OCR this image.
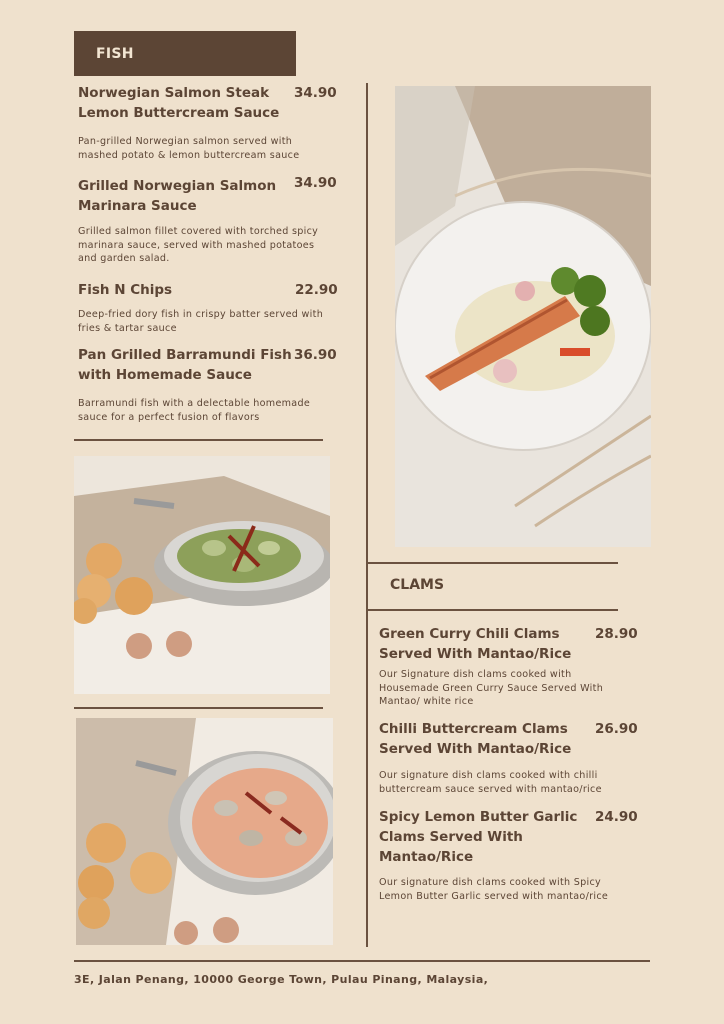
FISH
Norwegian Salmon Steak
Lemon Buttercream Sauce
34.90
Pan-grilled Norwegian salmon served with
mashed potato & lemon buttercream sauce
Grilled Norwegian Salmon
Marinara Sauce
34.90
Grilled salmon fillet covered with torched spicy
marinara sauce, served with mashed potatoes
and garden salad.
Fish N Chips	22.90
Deep-fried dory fish in crispy batter served with
fries & tartar sauce
Pan Grilled Barramundi Fish
with Homemade Sauce
36.90
Barramundi fish with a delectable homemade
sauce for a perfect fusion of flavors
CLAMS
Green Curry Chili Clams
Served With Mantao/Rice
28.90
Our Signature dish clams cooked with
Housemade Green Curry Sauce Served With
Mantao/ white rice
Chilli Buttercream Clams
Served With Mantao/Rice
26.90
Our signature dish clams cooked with chilli
buttercream sauce served with mantao/rice
Spicy Lemon Butter Garlic
Clams Served With
Mantao/Rice
24.90
Our signature dish clams cooked with Spicy
Lemon Butter Garlic served with mantao/rice
3E, Jalan Penang, 10000 George Town, Pulau Pinang, Malaysia,
